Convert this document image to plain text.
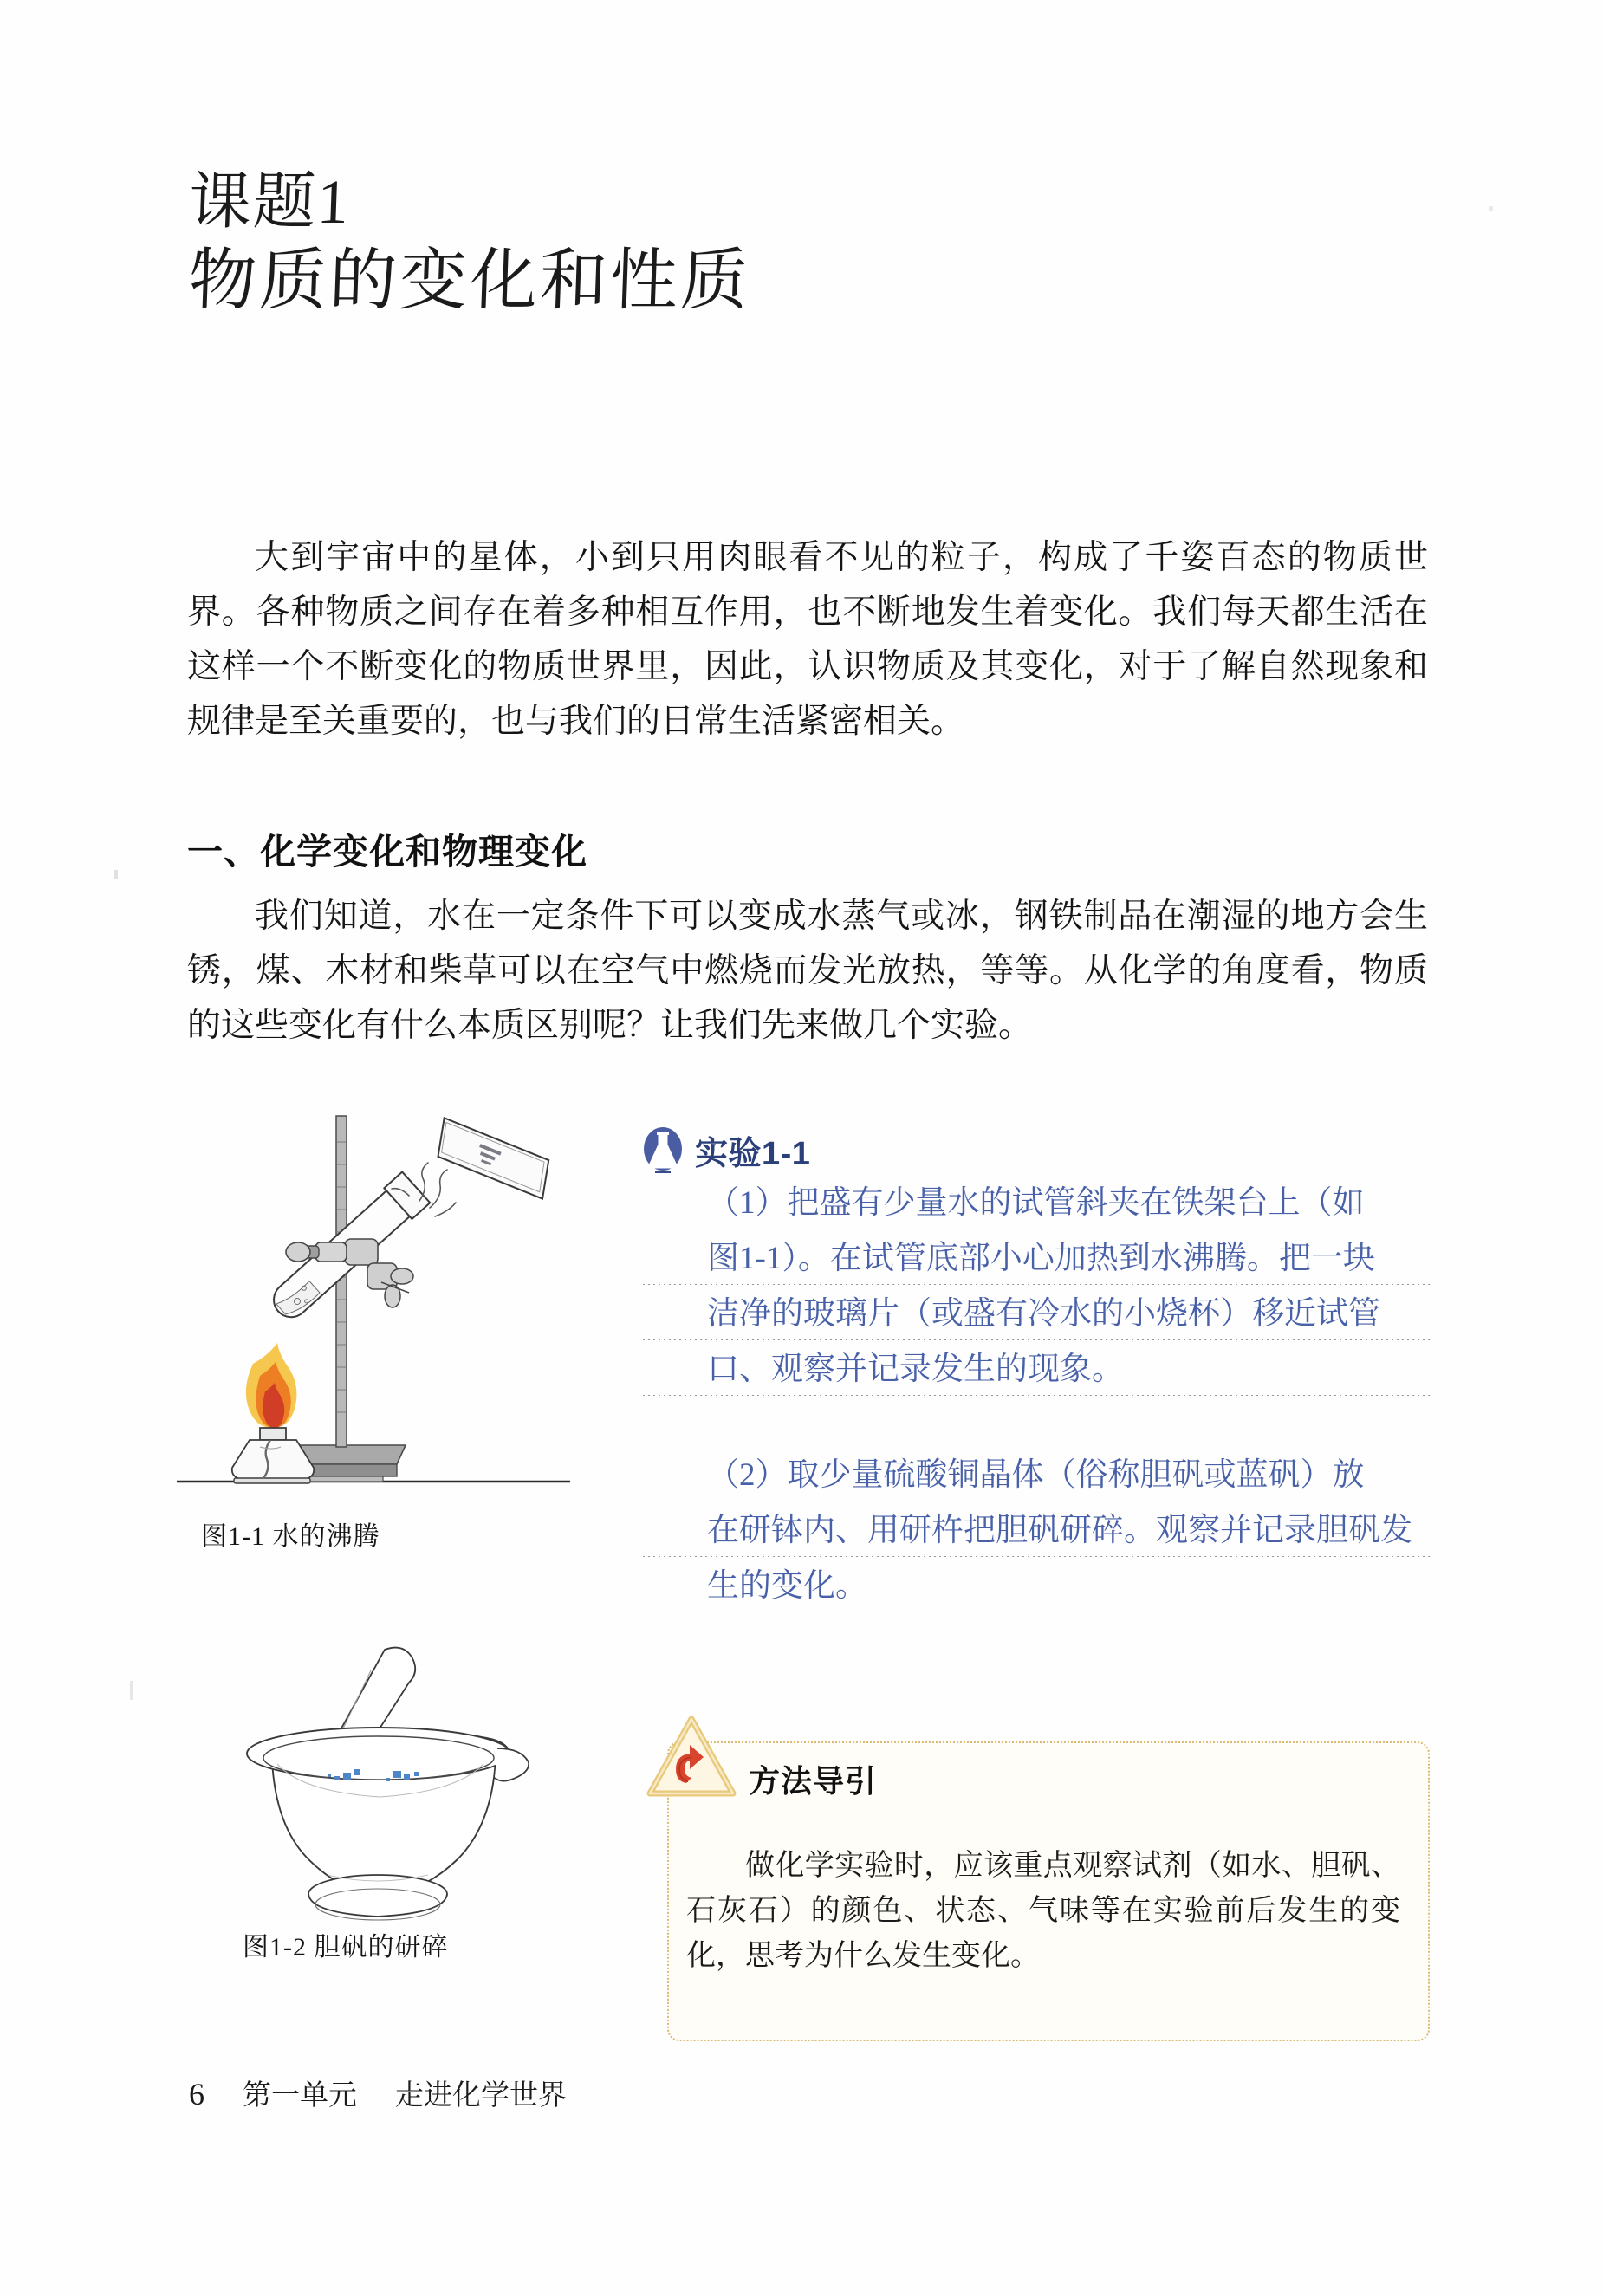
课题1
物质的变化和性质
大到宇宙中的星体，小到只用肉眼看不见的粒子，构成了千姿百态的物质世界。各种物质之间存在着多种相互作用，也不断地发生着变化。我们每天都生活在这样一个不断变化的物质世界里，因此，认识物质及其变化，对于了解自然现象和规律是至关重要的，也与我们的日常生活紧密相关。
一、化学变化和物理变化
我们知道，水在一定条件下可以变成水蒸气或冰，钢铁制品在潮湿的地方会生锈，煤、木材和柴草可以在空气中燃烧而发光放热，等等。从化学的角度看，物质的这些变化有什么本质区别呢？让我们先来做几个实验。
图1-1 水的沸腾
图1-2 胆矾的研碎
实验1-1
（1）把盛有少量水的试管斜夹在铁架台上（如
图1-1）。在试管底部小心加热到水沸腾。把一块
洁净的玻璃片（或盛有冷水的小烧杯）移近试管
口、观察并记录发生的现象。
（2）取少量硫酸铜晶体（俗称胆矾或蓝矾）放
在研钵内、用研杵把胆矾研碎。观察并记录胆矾发
生的变化。
方法导引
做化学实验时，应该重点观察试剂（如水、胆矾、石灰石）的颜色、状态、气味等在实验前后发生的变化，思考为什么发生变化。
6 第一单元 走进化学世界
